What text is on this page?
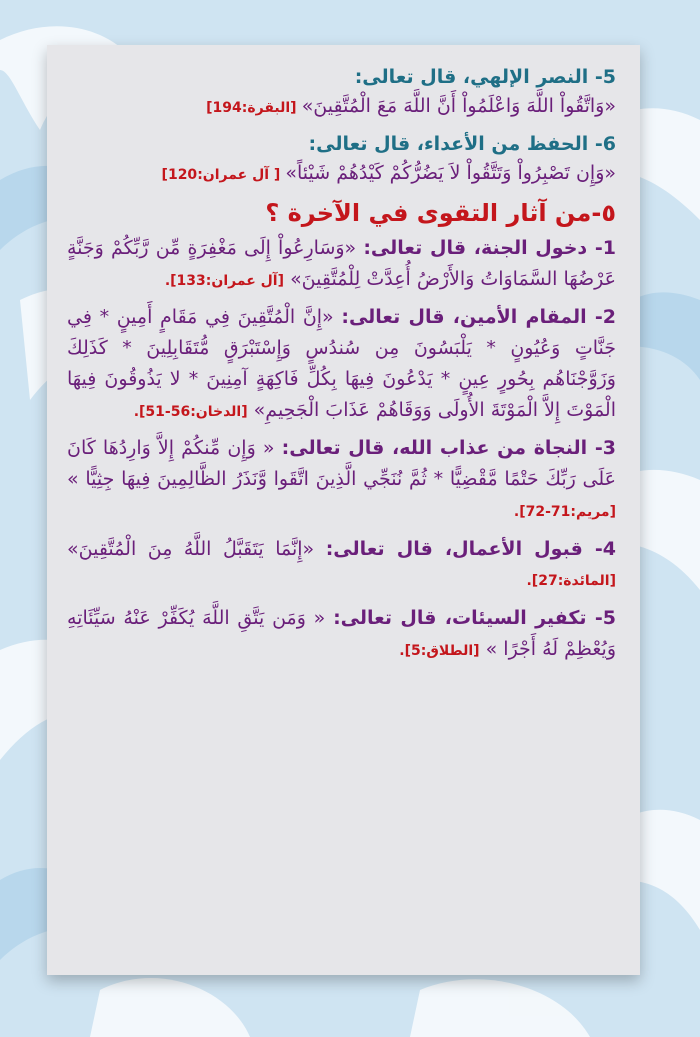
5- النصر الإلهي، قال تعالى:
«وَاتَّقُواْ اللَّهَ وَاعْلَمُواْ أَنَّ اللَّهَ مَعَ الْمُتَّقِينَ» [البقرة:194]
6- الحفظ من الأعداء، قال تعالى:
«وَإِن تَصْبِرُواْ وَتَتَّقُواْ لاَ يَضُرُّكُمْ كَيْدُهُمْ شَيْئاً» [ آل عمران:120]
٥-من آثار التقوى في الآخرة ؟
1- دخول الجنة، قال تعالى: «وَسَارِعُواْ إِلَى مَغْفِرَةٍ مِّن رَّبِّكُمْ وَجَنَّةٍ عَرْضُهَا السَّمَاوَاتُ وَالأَرْضُ أُعِدَّتْ لِلْمُتَّقِينَ» [آل عمران:133].
2- المقام الأمين، قال تعالى: «إِنَّ الْمُتَّقِينَ فِي مَقَامٍ أَمِينٍ * فِي جَنَّاتٍ وَعُيُونٍ * يَلْبَسُونَ مِن سُندُسٍ وَإِسْتَبْرَقٍ مُّتَقَابِلِينَ * كَذَلِكَ وَزَوَّجْنَاهُم بِحُورٍ عِينٍ * يَدْعُونَ فِيهَا بِكُلِّ فَاكِهَةٍ آمِنِينَ * لا يَذُوقُونَ فِيهَا الْمَوْتَ إِلاَّ الْمَوْتَةَ الأُولَى وَوَقَاهُمْ عَذَابَ الْجَحِيمِ» [الدخان:56-51].
3- النجاة من عذاب الله، قال تعالى: « وَإِن مِّنكُمْ إِلاَّ وَارِدُهَا كَانَ عَلَى رَبِّكَ حَتْمًا مَّقْضِيًّا * ثُمَّ نُنَجِّي الَّذِينَ اتَّقَوا وَّنَذَرُ الظَّالِمِينَ فِيهَا جِثِيًّا » [مريم:71-72].
4- قبول الأعمال، قال تعالى: «إِنَّمَا يَتَقَبَّلُ اللَّهُ مِنَ الْمُتَّقِينَ» [المائدة:27].
5- تكفير السيئات، قال تعالى: « وَمَن يَتَّقِ اللَّهَ يُكَفِّرْ عَنْهُ سَيِّئَاتِهِ وَيُعْظِمْ لَهُ أَجْرًا » [الطلاق:5].
